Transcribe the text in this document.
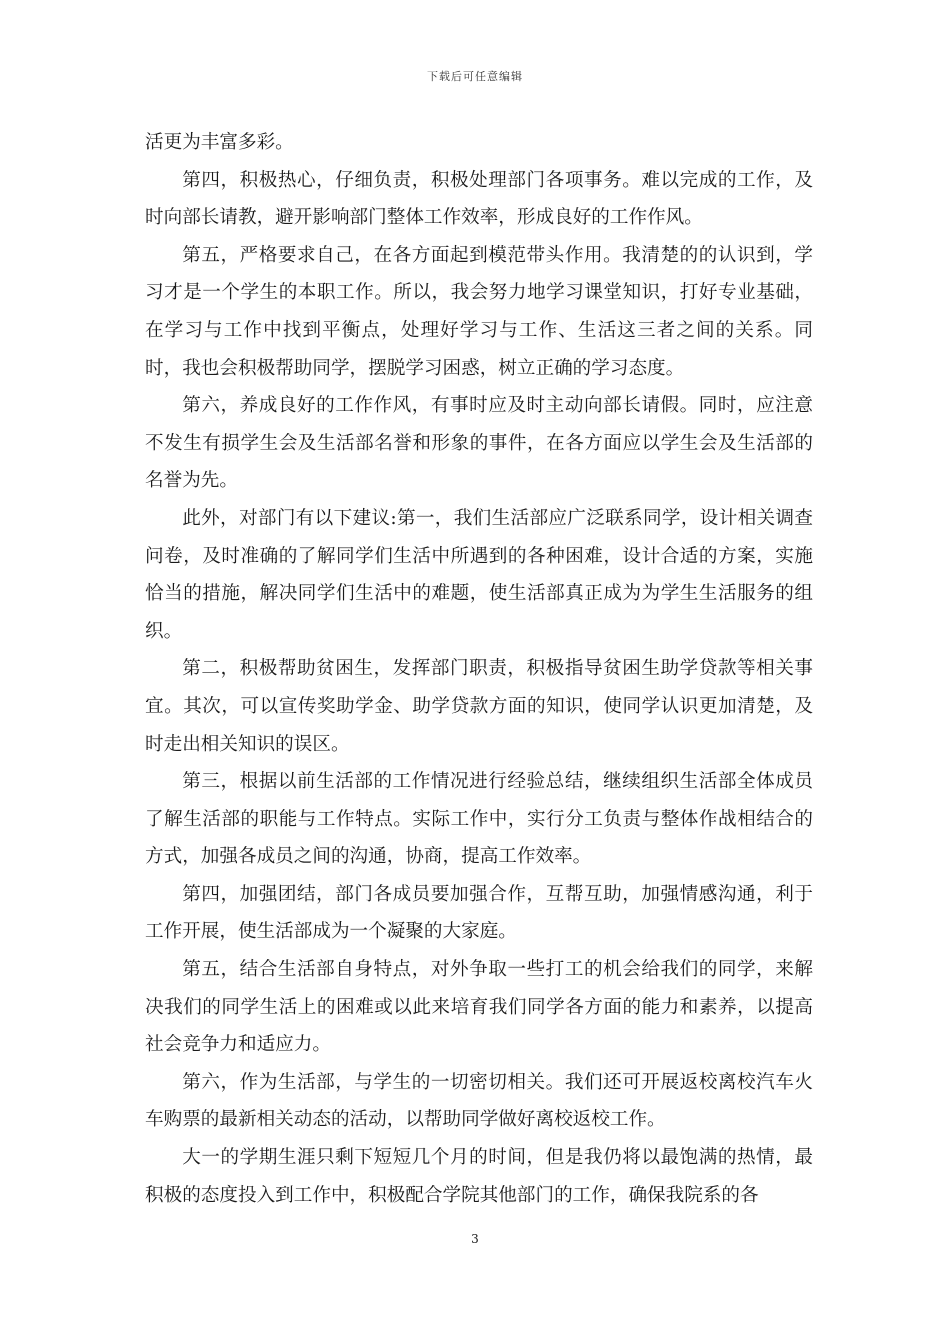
下载后可任意编辑

活更为丰富多彩。

第四，积极热心，仔细负责，积极处理部门各项事务。难以完成的工作，及时向部长请教，避开影响部门整体工作效率，形成良好的工作作风。

第五，严格要求自己，在各方面起到模范带头作用。我清楚的的认识到，学习才是一个学生的本职工作。所以，我会努力地学习课堂知识，打好专业基础，在学习与工作中找到平衡点，处理好学习与工作、生活这三者之间的关系。同时，我也会积极帮助同学，摆脱学习困惑，树立正确的学习态度。

第六，养成良好的工作作风，有事时应及时主动向部长请假。同时，应注意不发生有损学生会及生活部名誉和形象的事件，在各方面应以学生会及生活部的名誉为先。

此外，对部门有以下建议:第一，我们生活部应广泛联系同学，设计相关调查问卷，及时准确的了解同学们生活中所遇到的各种困难，设计合适的方案，实施恰当的措施，解决同学们生活中的难题，使生活部真正成为为学生生活服务的组织。

第二，积极帮助贫困生，发挥部门职责，积极指导贫困生助学贷款等相关事宜。其次，可以宣传奖助学金、助学贷款方面的知识，使同学认识更加清楚，及时走出相关知识的误区。

第三，根据以前生活部的工作情况进行经验总结，继续组织生活部全体成员了解生活部的职能与工作特点。实际工作中，实行分工负责与整体作战相结合的方式，加强各成员之间的沟通，协商，提高工作效率。

第四，加强团结，部门各成员要加强合作，互帮互助，加强情感沟通，利于工作开展，使生活部成为一个凝聚的大家庭。

第五，结合生活部自身特点，对外争取一些打工的机会给我们的同学，来解决我们的同学生活上的困难或以此来培育我们同学各方面的能力和素养，以提高社会竞争力和适应力。

第六，作为生活部，与学生的一切密切相关。我们还可开展返校离校汽车火车购票的最新相关动态的活动，以帮助同学做好离校返校工作。

大一的学期生涯只剩下短短几个月的时间，但是我仍将以最饱满的热情，最积极的态度投入到工作中，积极配合学院其他部门的工作，确保我院系的各

3
